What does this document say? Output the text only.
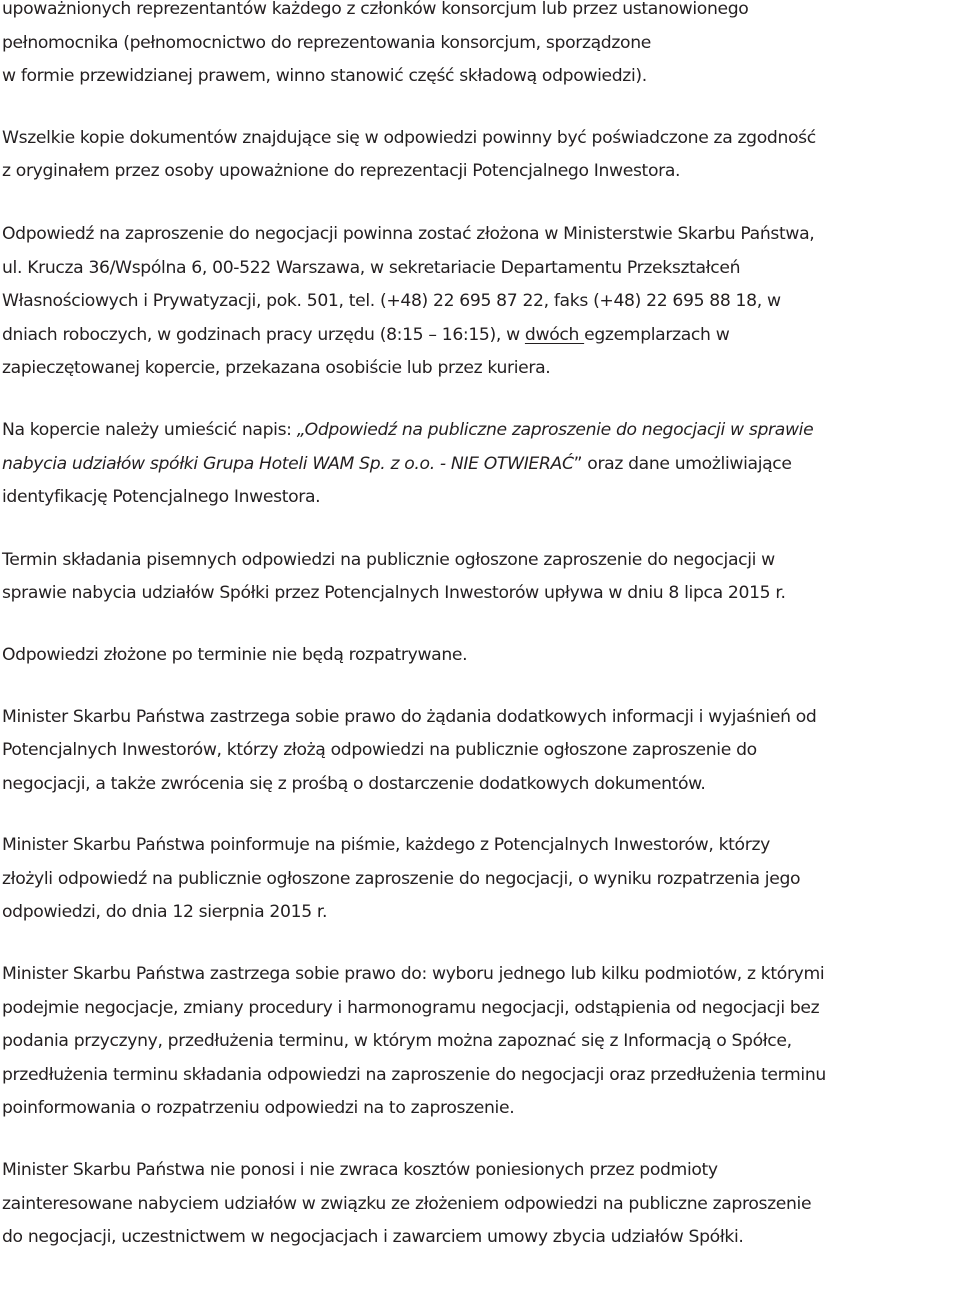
upoważnionych reprezentantów każdego z członków konsorcjum lub przez ustanowionego
pełnomocnika (pełnomocnictwo do reprezentowania konsorcjum, sporządzone
w formie przewidzianej prawem, winno stanowić część składową odpowiedzi).

Wszelkie kopie dokumentów znajdujące się w odpowiedzi powinny być poświadczone za zgodność
z oryginałem przez osoby upoważnione do reprezentacji Potencjalnego Inwestora.

Odpowiedź na zaproszenie do negocjacji powinna zostać złożona w Ministerstwie Skarbu Państwa,
ul. Krucza 36/Wspólna 6, 00-522 Warszawa, w sekretariacie Departamentu Przekształceń
Własnościowych i Prywatyzacji, pok. 501, tel. (+48) 22 695 87 22, faks (+48) 22 695 88 18, w
dniach roboczych, w godzinach pracy urzędu (8:15 – 16:15), w dwóch egzemplarzach w
zapieczętowanej kopercie, przekazana osobiście lub przez kuriera.

Na kopercie należy umieścić napis: „Odpowiedź na publiczne zaproszenie do negocjacji w sprawie
nabycia udziałów spółki Grupa Hoteli WAM Sp. z o.o. - NIE OTWIERAĆ” oraz dane umożliwiające
identyfikację Potencjalnego Inwestora.

Termin składania pisemnych odpowiedzi na publicznie ogłoszone zaproszenie do negocjacji w
sprawie nabycia udziałów Spółki przez Potencjalnych Inwestorów upływa w dniu 8 lipca 2015 r.

Odpowiedzi złożone po terminie nie będą rozpatrywane.

Minister Skarbu Państwa zastrzega sobie prawo do żądania dodatkowych informacji i wyjaśnień od
Potencjalnych Inwestorów, którzy złożą odpowiedzi na publicznie ogłoszone zaproszenie do
negocjacji, a także zwrócenia się z prośbą o dostarczenie dodatkowych dokumentów.

Minister Skarbu Państwa poinformuje na piśmie, każdego z Potencjalnych Inwestorów, którzy
złożyli odpowiedź na publicznie ogłoszone zaproszenie do negocjacji, o wyniku rozpatrzenia jego
odpowiedzi, do dnia 12 sierpnia 2015 r.

Minister Skarbu Państwa zastrzega sobie prawo do: wyboru jednego lub kilku podmiotów, z którymi
podejmie negocjacje, zmiany procedury i harmonogramu negocjacji, odstąpienia od negocjacji bez
podania przyczyny, przedłużenia terminu, w którym można zapoznać się z Informacją o Spółce,
przedłużenia terminu składania odpowiedzi na zaproszenie do negocjacji oraz przedłużenia terminu
poinformowania o rozpatrzeniu odpowiedzi na to zaproszenie.

Minister Skarbu Państwa nie ponosi i nie zwraca kosztów poniesionych przez podmioty
zainteresowane nabyciem udziałów w związku ze złożeniem odpowiedzi na publiczne zaproszenie
do negocjacji, uczestnictwem w negocjacjach i zawarciem umowy zbycia udziałów Spółki.
